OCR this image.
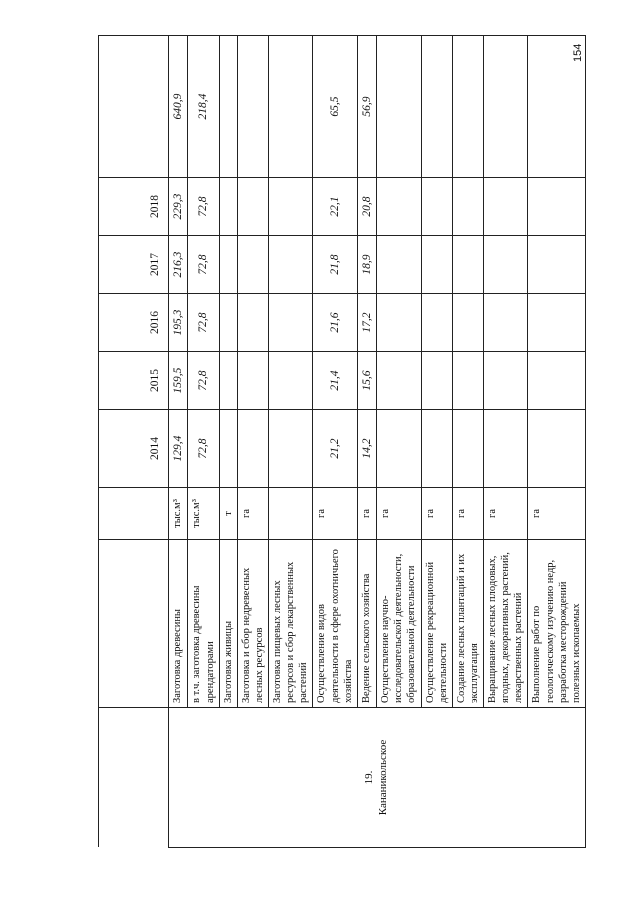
154
			2014	2015	2016	2017	2018	

19. Кананикольское	Заготовка древесины	тыс.м³	129,4	159,5	195,3	216,3	229,3	640,9
	в т.ч. заготовка древесины арендаторами	тыс.м³	72,8	72,8	72,8	72,8	72,8	218,4
	Заготовка живицы	т						
	Заготовка и сбор недревесных лесных ресурсов	га						
	Заготовка пищевых лесных ресурсов и сбор лекарственных растений							
	Осуществление видов деятельности в сфере охотничьего хозяйства	га	21,2	21,4	21,6	21,8	22,1	65,5
	Ведение сельского хозяйства	га	14,2	15,6	17,2	18,9	20,8	56,9
	Осуществление научно-исследовательской деятельности, образовательной деятельности	га						
	Осуществление рекреационной деятельности	га						
	Создание лесных плантаций и их эксплуатация	га						
	Выращивание лесных плодовых, ягодных, декоративных растений, лекарственных растений	га						
	Выполнение работ по геологическому изучению недр, разработка месторождений полезных ископаемых	га						
